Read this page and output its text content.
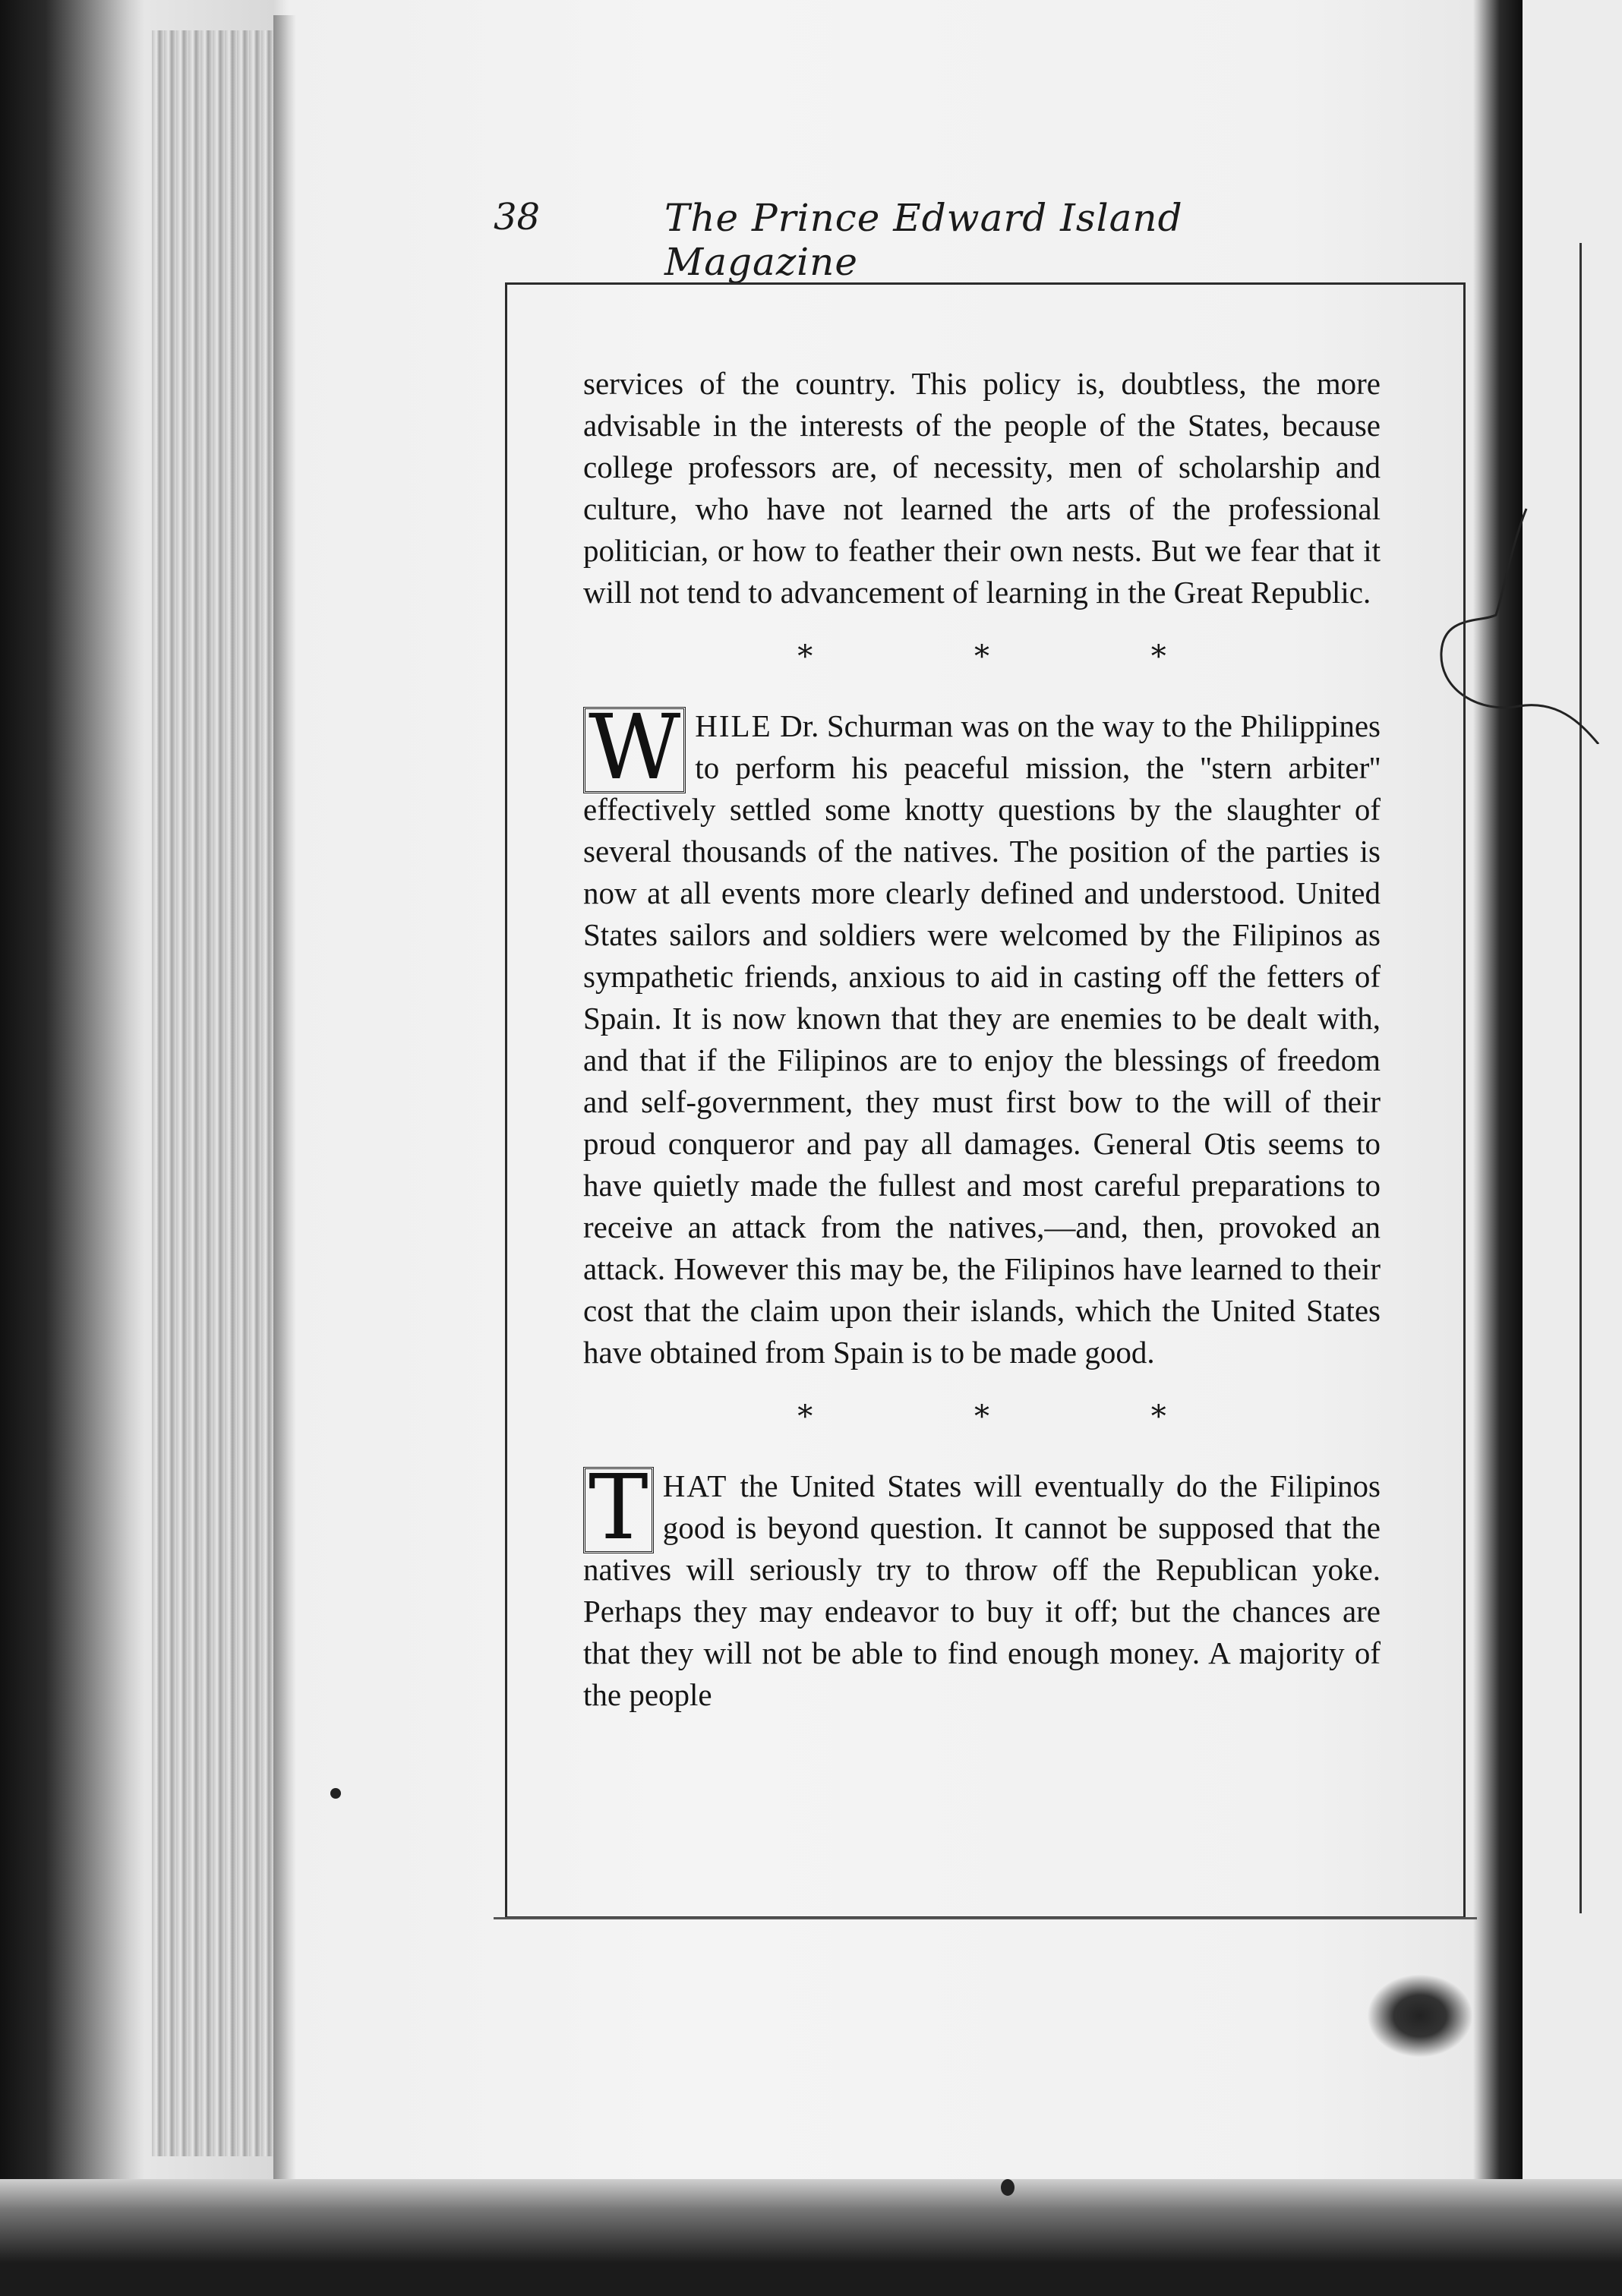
38	The Prince Edward Island Magazine

services of the country. This policy is, doubtless, the more advisable in the interests of the people of the States, because college professors are, of necessity, men of scholarship and culture, who have not learned the arts of the professional politician, or how to feather their own nests. But we fear that it will not tend to advancement of learning in the Great Republic.

* * *

W HILE Dr. Schurman was on the way to the Philippines to perform his peaceful mission, the ''stern arbiter'' effectively settled some knotty questions by the slaughter of several thousands of the natives. The position of the parties is now at all events more clearly defined and understood. United States sailors and soldiers were welcomed by the Filipinos as sympathetic friends, anxious to aid in casting off the fetters of Spain. It is now known that they are enemies to be dealt with, and that if the Filipinos are to enjoy the blessings of freedom and self-government, they must first bow to the will of their proud conqueror and pay all damages. General Otis seems to have quietly made the fullest and most careful preparations to receive an attack from the natives,—and, then, provoked an attack. However this may be, the Filipinos have learned to their cost that the claim upon their islands, which the United States have obtained from Spain is to be made good.

* * *

T HAT the United States will eventually do the Filipinos good is beyond question. It cannot be supposed that the natives will seriously try to throw off the Republican yoke. Perhaps they may endeavor to buy it off; but the chances are that they will not be able to find enough money. A majority of the people
